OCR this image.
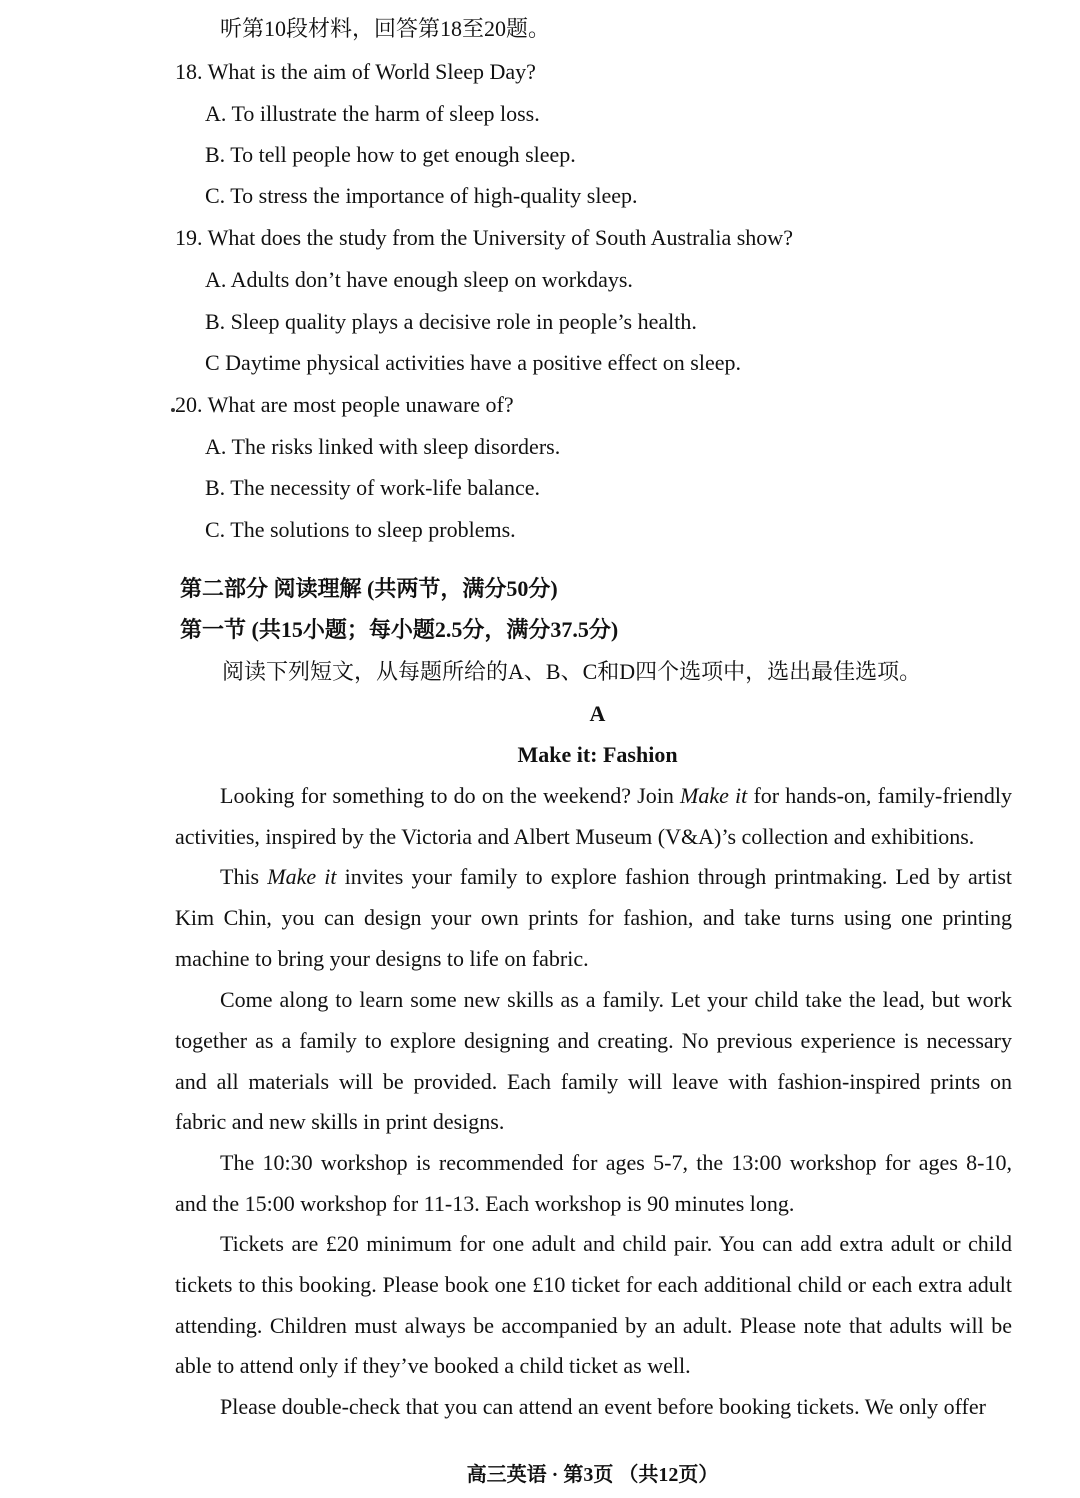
听第10段材料，回答第18至20题。
18. What is the aim of World Sleep Day?
A. To illustrate the harm of sleep loss.
B. To tell people how to get enough sleep.
C. To stress the importance of high-quality sleep.
19. What does the study from the University of South Australia show?
A. Adults don’t have enough sleep on workdays.
B. Sleep quality plays a decisive role in people’s health.
C Daytime physical activities have a positive effect on sleep.
20. What are most people unaware of?
A. The risks linked with sleep disorders.
B. The necessity of work-life balance.
C. The solutions to sleep problems.
第二部分 阅读理解 (共两节，满分50分)
第一节 (共15小题；每小题2.5分，满分37.5分)
阅读下列短文，从每题所给的A、B、C和D四个选项中，选出最佳选项。
A
Make it: Fashion
Looking for something to do on the weekend? Join Make it for hands-on, family-friendly activities, inspired by the Victoria and Albert Museum (V&A)’s collection and exhibitions.
This Make it invites your family to explore fashion through printmaking. Led by artist Kim Chin, you can design your own prints for fashion, and take turns using one printing machine to bring your designs to life on fabric.
Come along to learn some new skills as a family. Let your child take the lead, but work together as a family to explore designing and creating. No previous experience is necessary and all materials will be provided. Each family will leave with fashion-inspired prints on fabric and new skills in print designs.
The 10:30 workshop is recommended for ages 5-7, the 13:00 workshop for ages 8-10, and the 15:00 workshop for 11-13. Each workshop is 90 minutes long.
Tickets are £20 minimum for one adult and child pair. You can add extra adult or child tickets to this booking. Please book one £10 ticket for each additional child or each extra adult attending. Children must always be accompanied by an adult. Please note that adults will be able to attend only if they’ve booked a child ticket as well.
Please double-check that you can attend an event before booking tickets. We only offer
高三英语 · 第3页 （共12页）
